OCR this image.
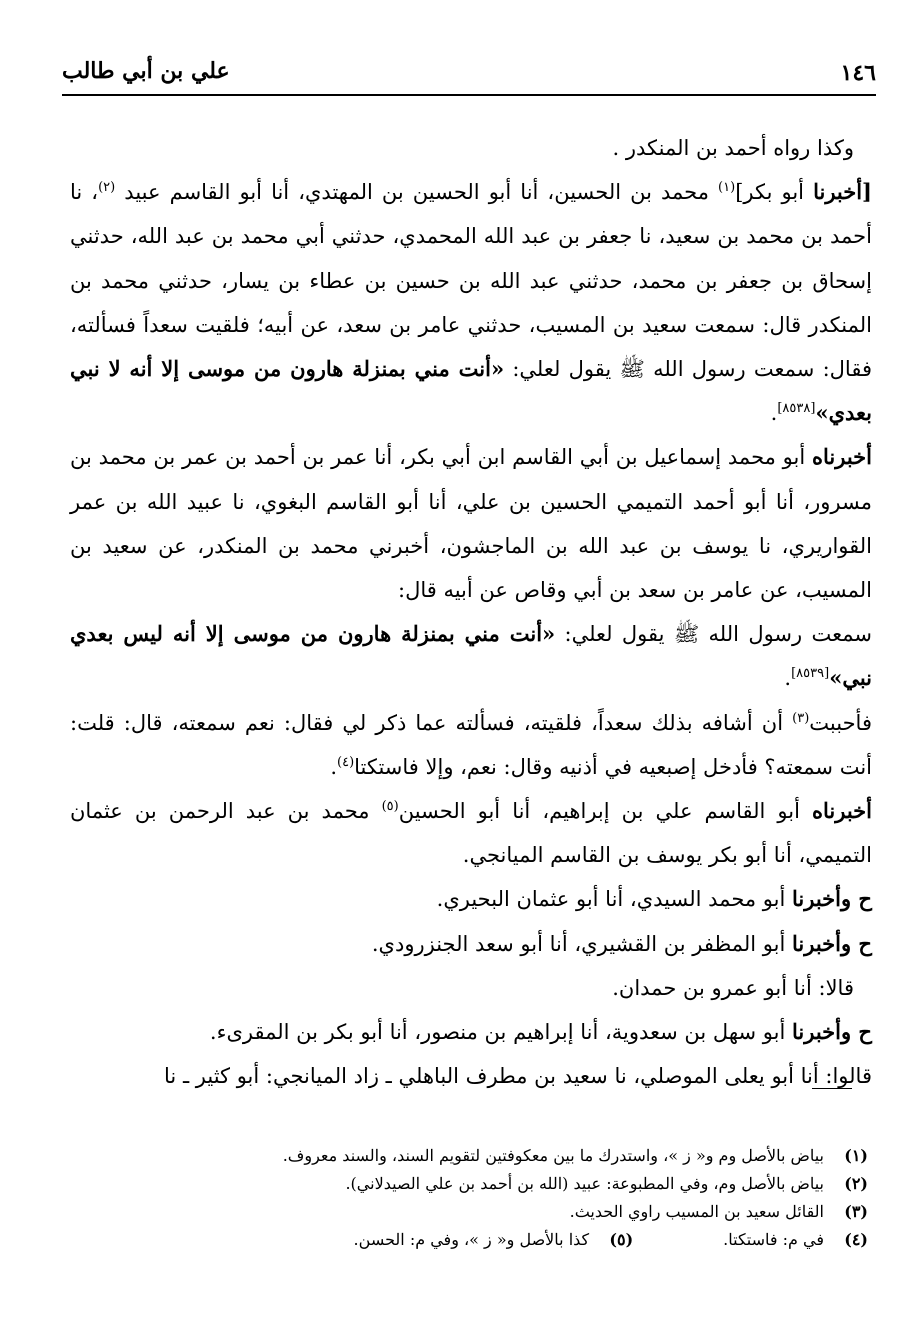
١٤٦
علي بن أبي طالب

وكذا رواه أحمد بن المنكدر .

[أخبرنا أبو بكر]$^{(١)}$ محمد بن الحسين، أنا أبو الحسين بن المهتدي، أنا أبو القاسم عبيد $^{(٢)}$، نا أحمد بن محمد بن سعيد، نا جعفر بن عبد الله المحمدي، حدثني أبي محمد بن عبد الله، حدثني إسحاق بن جعفر بن محمد، حدثني عبد الله بن حسين بن عطاء بن يسار، حدثني محمد بن المنكدر قال: سمعت سعيد بن المسيب، حدثني عامر بن سعد، عن أبيه؛ فلقيت سعداً فسألته، فقال: سمعت رسول الله ﷺ يقول لعلي: «أنت مني بمنزلة هارون من موسى إلا أنه لا نبي بعدي»[٨٥٣٨].

أخبرناه أبو محمد إسماعيل بن أبي القاسم ابن أبي بكر، أنا عمر بن أحمد بن عمر بن محمد بن مسرور، أنا أبو أحمد التميمي الحسين بن علي، أنا أبو القاسم البغوي، نا عبيد الله بن عمر القواريري، نا يوسف بن عبد الله بن الماجشون، أخبرني محمد بن المنكدر، عن سعيد بن المسيب، عن عامر بن سعد بن أبي وقاص عن أبيه قال:

سمعت رسول الله ﷺ يقول لعلي: «أنت مني بمنزلة هارون من موسى إلا أنه ليس بعدي نبي»[٨٥٣٩].

فأحببت$^{(٣)}$ أن أشافه بذلك سعداً، فلقيته، فسألته عما ذكر لي فقال: نعم سمعته، قال: قلت: أنت سمعته؟ فأدخل إصبعيه في أذنيه وقال: نعم، وإلا فاستكتا$^{(٤)}$.

أخبرناه أبو القاسم علي بن إبراهيم، أنا أبو الحسين$^{(٥)}$ محمد بن عبد الرحمن بن عثمان التميمي، أنا أبو بكر يوسف بن القاسم الميانجي.

ح وأخبرنا أبو محمد السيدي، أنا أبو عثمان البحيري.

ح وأخبرنا أبو المظفر بن القشيري، أنا أبو سعد الجنزرودي.

قالا: أنا أبو عمرو بن حمدان.

ح وأخبرنا أبو سهل بن سعدوية، أنا إبراهيم بن منصور، أنا أبو بكر بن المقرىء.

قالوا: أنا أبو يعلى الموصلي، نا سعيد بن مطرف الباهلي ـ زاد الميانجي: أبو كثير ـ نا

(١)
بياض بالأصل وم و« ز »، واستدرك ما بين معكوفتين لتقويم السند، والسند معروف.
(٢)
بياض بالأصل وم، وفي المطبوعة: عبيد (الله بن أحمد بن علي الصيدلاني).
(٣)
القائل سعيد بن المسيب راوي الحديث.
(٤)
في م: فاستكتا.
(٥)
كذا بالأصل و« ز »، وفي م: الحسن.
